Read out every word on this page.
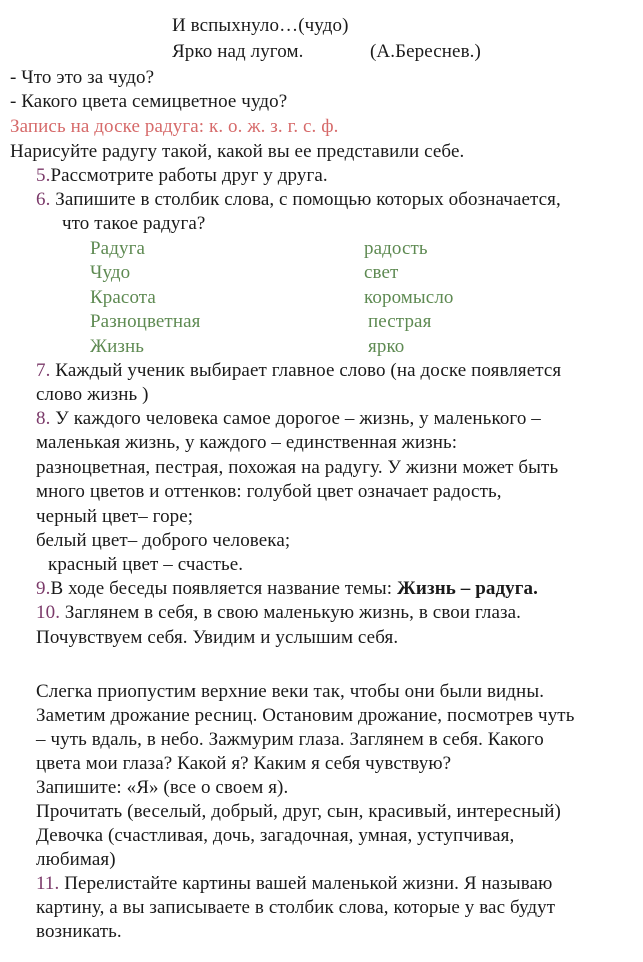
И вспыхнуло…(чудо)
Ярко над лугом.	(А.Береснев.)
- Что это за чудо?
- Какого цвета семицветное чудо?
Запись на доске радуга: к. о. ж. з. г. с. ф.
Нарисуйте радугу такой, какой вы ее представили себе.
5.Рассмотрите работы друг у друга.
6. Запишите в столбик слова, с помощью которых обозначается,
что такое радуга?
Радуга
Чудо
Красота
Разноцветная
Жизнь
радость
свет
коромысло
пестрая
ярко
7. Каждый ученик выбирает главное слово (на доске появляется
слово жизнь )
8. У каждого человека самое дорогое – жизнь, у маленького –
маленькая жизнь, у каждого – единственная жизнь:
разноцветная, пестрая, похожая на радугу. У жизни может быть
много цветов и оттенков: голубой цвет означает радость,
черный цвет– горе;
белый цвет– доброго человека;
красный цвет – счастье.
9.В ходе беседы появляется название темы: Жизнь – радуга.
10. Заглянем в себя, в свою маленькую жизнь, в свои глаза.
Почувствуем себя. Увидим и услышим себя.
Слегка приопустим верхние веки так, чтобы они были видны.
Заметим дрожание ресниц. Остановим дрожание, посмотрев чуть
– чуть вдаль, в небо. Зажмурим глаза. Заглянем в себя. Какого
цвета мои глаза? Какой я? Каким я себя чувствую?
Запишите: «Я» (все о своем я).
Прочитать (веселый, добрый, друг, сын, красивый, интересный)
Девочка (счастливая, дочь, загадочная, умная, уступчивая,
любимая)
11. Перелистайте картины вашей маленькой жизни. Я называю
картину, а вы записываете в столбик слова, которые у вас будут
возникать.
